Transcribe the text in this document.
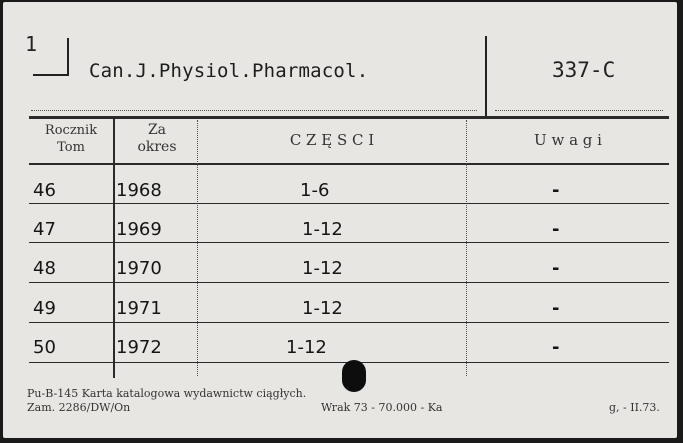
1
Can.J.Physiol.Pharmacol.	337-C
Rocznik
Tom
Za
okres	C Z Ę S C I	U w a g i
46	1968	1-6	-
47	1969	1-12	-
48	1970	1-12	-
49	1971	1-12	-
50	1972	1-12	-
Pu-B-145 Karta katalogowa wydawnictw ciągłych.
Zam. 2286/DW/On	Wrak 73 - 70.000 - Ka	g, - II.73.
